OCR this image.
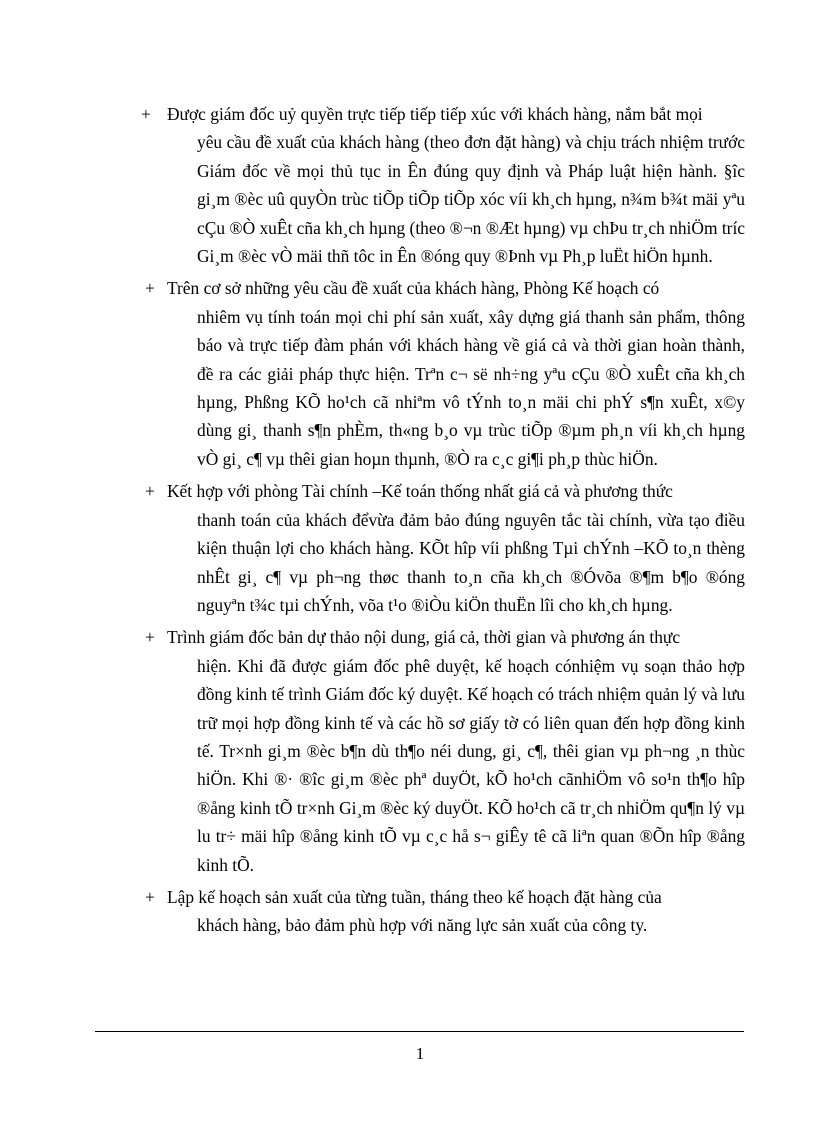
+ Được giám đốc uỷ quyền trực tiếp tiếp tiếp xúc với khách hàng, nắm bắt mọi
yêu cầu đề xuất của khách hàng (theo đơn đặt hàng) và chịu trách nhiệm trước Giám đốc về mọi thủ tục in Ên đúng quy định và Pháp luật hiện hành. §îc gi¸m ®èc uû quyÒn trùc tiÕp tiÕp tiÕp xóc víi kh¸ch hµng, n¾m b¾t mäi yªu cÇu ®Ò xuÊt cña kh¸ch hµng (theo ®¬n ®Æt hµng) vµ chÞu tr¸ch nhiÖm tríc Gi¸m ®èc vÒ mäi thñ tôc in Ên ®óng quy ®Þnh vµ Ph¸p luËt hiÖn hµnh.

+ Trên cơ sở những yêu cầu đề xuất của khách hàng, Phòng Kế hoạch có
nhiêm vụ tính toán mọi chi phí sản xuất, xây dựng giá thanh sản phẩm, thông báo và trực tiếp đàm phán với khách hàng về giá cả và thời gian hoàn thành, đề ra các giải pháp thực hiện. Trªn c¬ së nh÷ng yªu cÇu ®Ò xuÊt cña kh¸ch hµng, Phßng KÕ ho¹ch cã nhiªm vô tÝnh to¸n mäi chi phÝ s¶n xuÊt, x©y dùng gi¸ thanh s¶n phÈm, th«ng b¸o vµ trùc tiÕp ®µm ph¸n víi kh¸ch hµng vÒ gi¸ c¶ vµ thêi gian hoµn thµnh, ®Ò ra c¸c gi¶i ph¸p thùc hiÖn.

+ Kết hợp với phòng Tài chính –Kế toán thống nhất giá cả và phương thức
thanh toán của khách đểvừa đảm bảo đúng nguyên tắc tài chính, vừa tạo điều kiện thuận lợi cho khách hàng. KÕt hîp víi phßng Tµi chÝnh –KÕ to¸n thèng nhÊt gi¸ c¶ vµ ph¬ng thøc thanh to¸n cña kh¸ch ®Óvõa ®¶m b¶o ®óng nguyªn t¾c tµi chÝnh, võa t¹o ®iÒu kiÖn thuËn lîi cho kh¸ch hµng.

+ Trình giám đốc bản dự thảo nội dung, giá cả, thời gian và phương án thực
hiện. Khi đã được giám đốc phê duyệt, kế hoạch cónhiệm vụ soạn thảo hợp đồng kinh tế trình Giám đốc ký duyệt. Kế hoạch có trách nhiệm quản lý và lưu trữ mọi hợp đồng kinh tế và các hồ sơ giấy tờ có liên quan đến hợp đồng kinh tế. Tr×nh gi¸m ®èc b¶n dù th¶o néi dung, gi¸ c¶, thêi gian vµ ph¬ng ¸n thùc hiÖn. Khi ®· ®îc gi¸m ®èc phª duyÖt, kÕ ho¹ch cãnhiÖm vô so¹n th¶o hîp ®ång kinh tÕ tr×nh Gi¸m ®èc ký duyÖt. KÕ ho¹ch cã tr¸ch nhiÖm qu¶n lý vµ lu tr÷ mäi hîp ®ång kinh tÕ vµ c¸c hå s¬ giÊy tê cã liªn quan ®Õn hîp ®ång kinh tÕ.

+ Lập kế hoạch sản xuất của từng tuần, tháng theo kế hoạch đặt hàng của
khách hàng, bảo đảm phù hợp với năng lực sản xuất của công ty.

1
